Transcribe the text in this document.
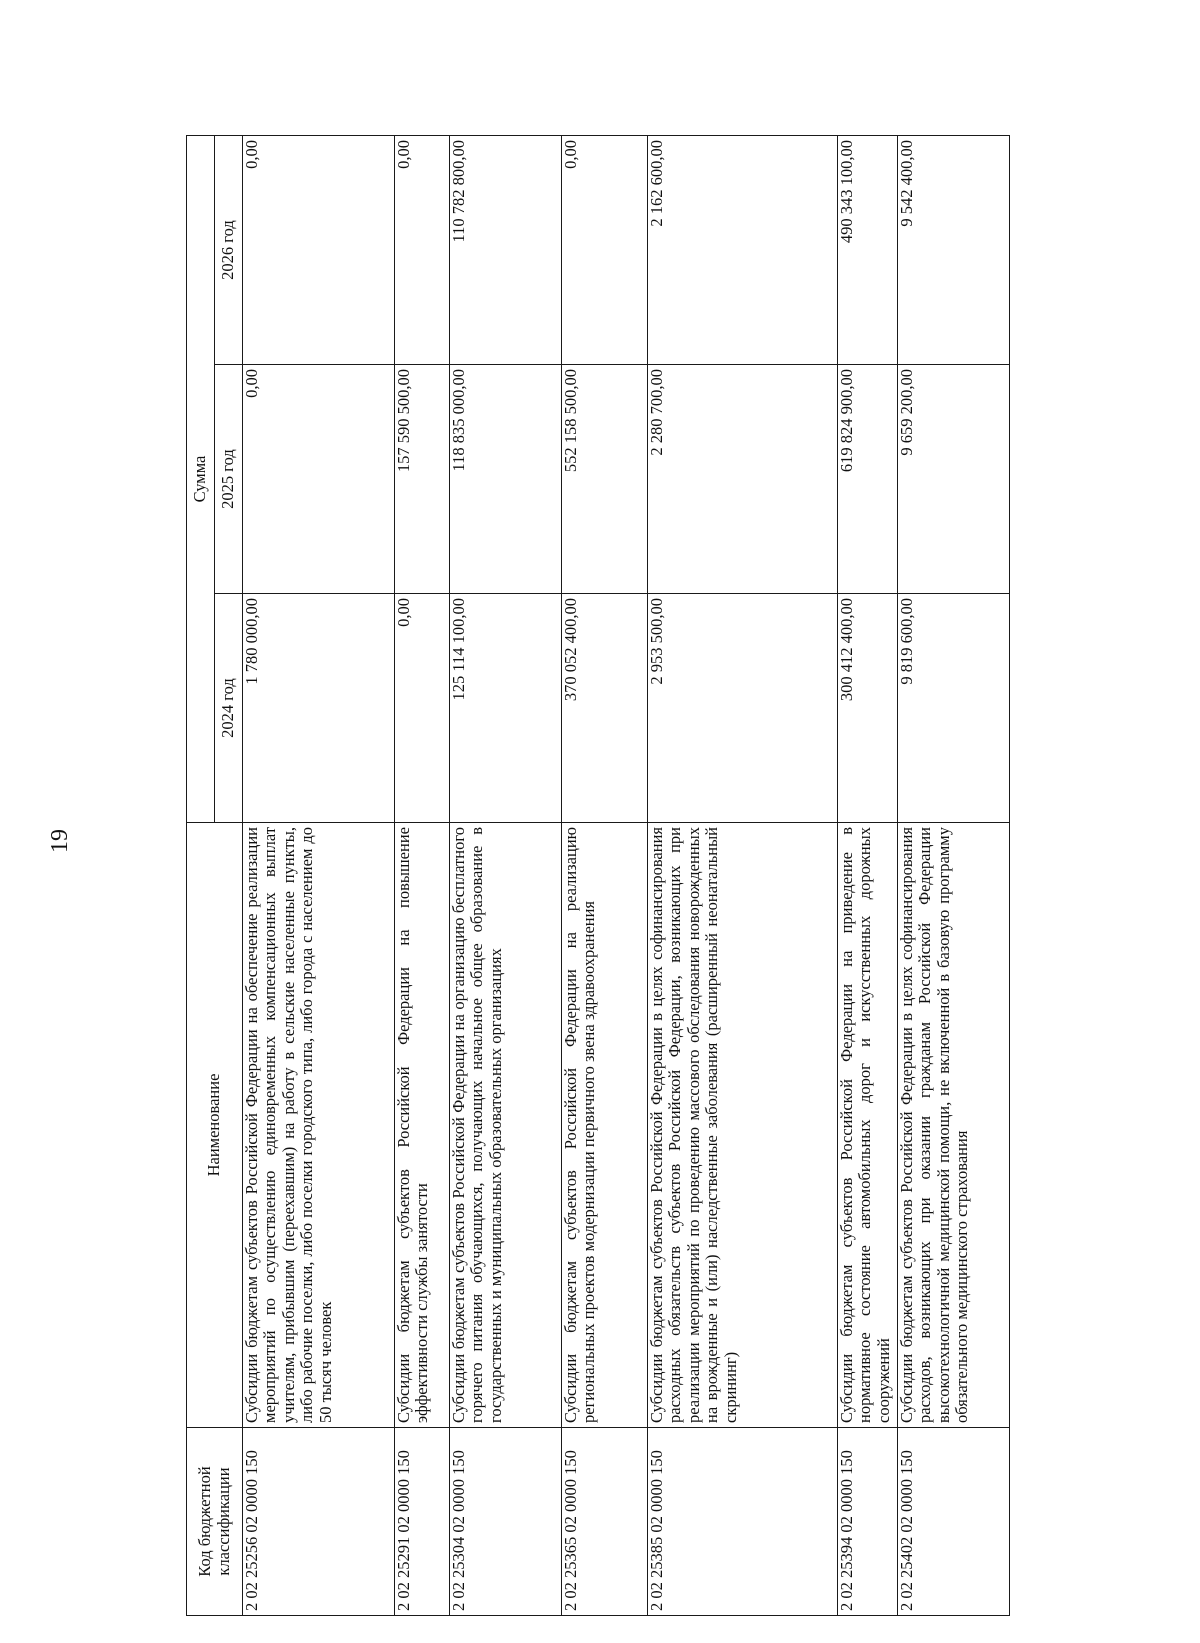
19
Код бюджетной классификации	Наименование	Сумма		
		2024 год	2025 год	2026 год
2 02 25256 02 0000 150	Субсидии бюджетам субъектов Российской Федерации на обеспечение реализации мероприятий по осуществлению единовременных компенсационных выплат учителям, прибывшим (переехавшим) на работу в сельские населенные пункты, либо рабочие поселки, либо поселки городского типа, либо города с населением до 50 тысяч человек	1 780 000,00	0,00	0,00
2 02 25291 02 0000 150	Субсидии бюджетам субъектов Российской Федерации на повышение эффективности службы занятости	0,00	157 590 500,00	0,00
2 02 25304 02 0000 150	Субсидии бюджетам субъектов Российской Федерации на организацию бесплатного горячего питания обучающихся, получающих начальное общее образование в государственных и муниципальных образовательных организациях	125 114 100,00	118 835 000,00	110 782 800,00
2 02 25365 02 0000 150	Субсидии бюджетам субъектов Российской Федерации на реализацию региональных проектов модернизации первичного звена здравоохранения	370 052 400,00	552 158 500,00	0,00
2 02 25385 02 0000 150	Субсидии бюджетам субъектов Российской Федерации в целях софинансирования расходных обязательств субъектов Российской Федерации, возникающих при реализации мероприятий по проведению массового обследования новорожденных на врожденные и (или) наследственные заболевания (расширенный неонатальный скрининг)	2 953 500,00	2 280 700,00	2 162 600,00
2 02 25394 02 0000 150	Субсидии бюджетам субъектов Российской Федерации на приведение в нормативное состояние автомобильных дорог и искусственных дорожных сооружений	300 412 400,00	619 824 900,00	490 343 100,00
2 02 25402 02 0000 150	Субсидии бюджетам субъектов Российской Федерации в целях софинансирования расходов, возникающих при оказании гражданам Российской Федерации высокотехнологичной медицинской помощи, не включенной в базовую программу обязательного медицинского страхования	9 819 600,00	9 659 200,00	9 542 400,00
